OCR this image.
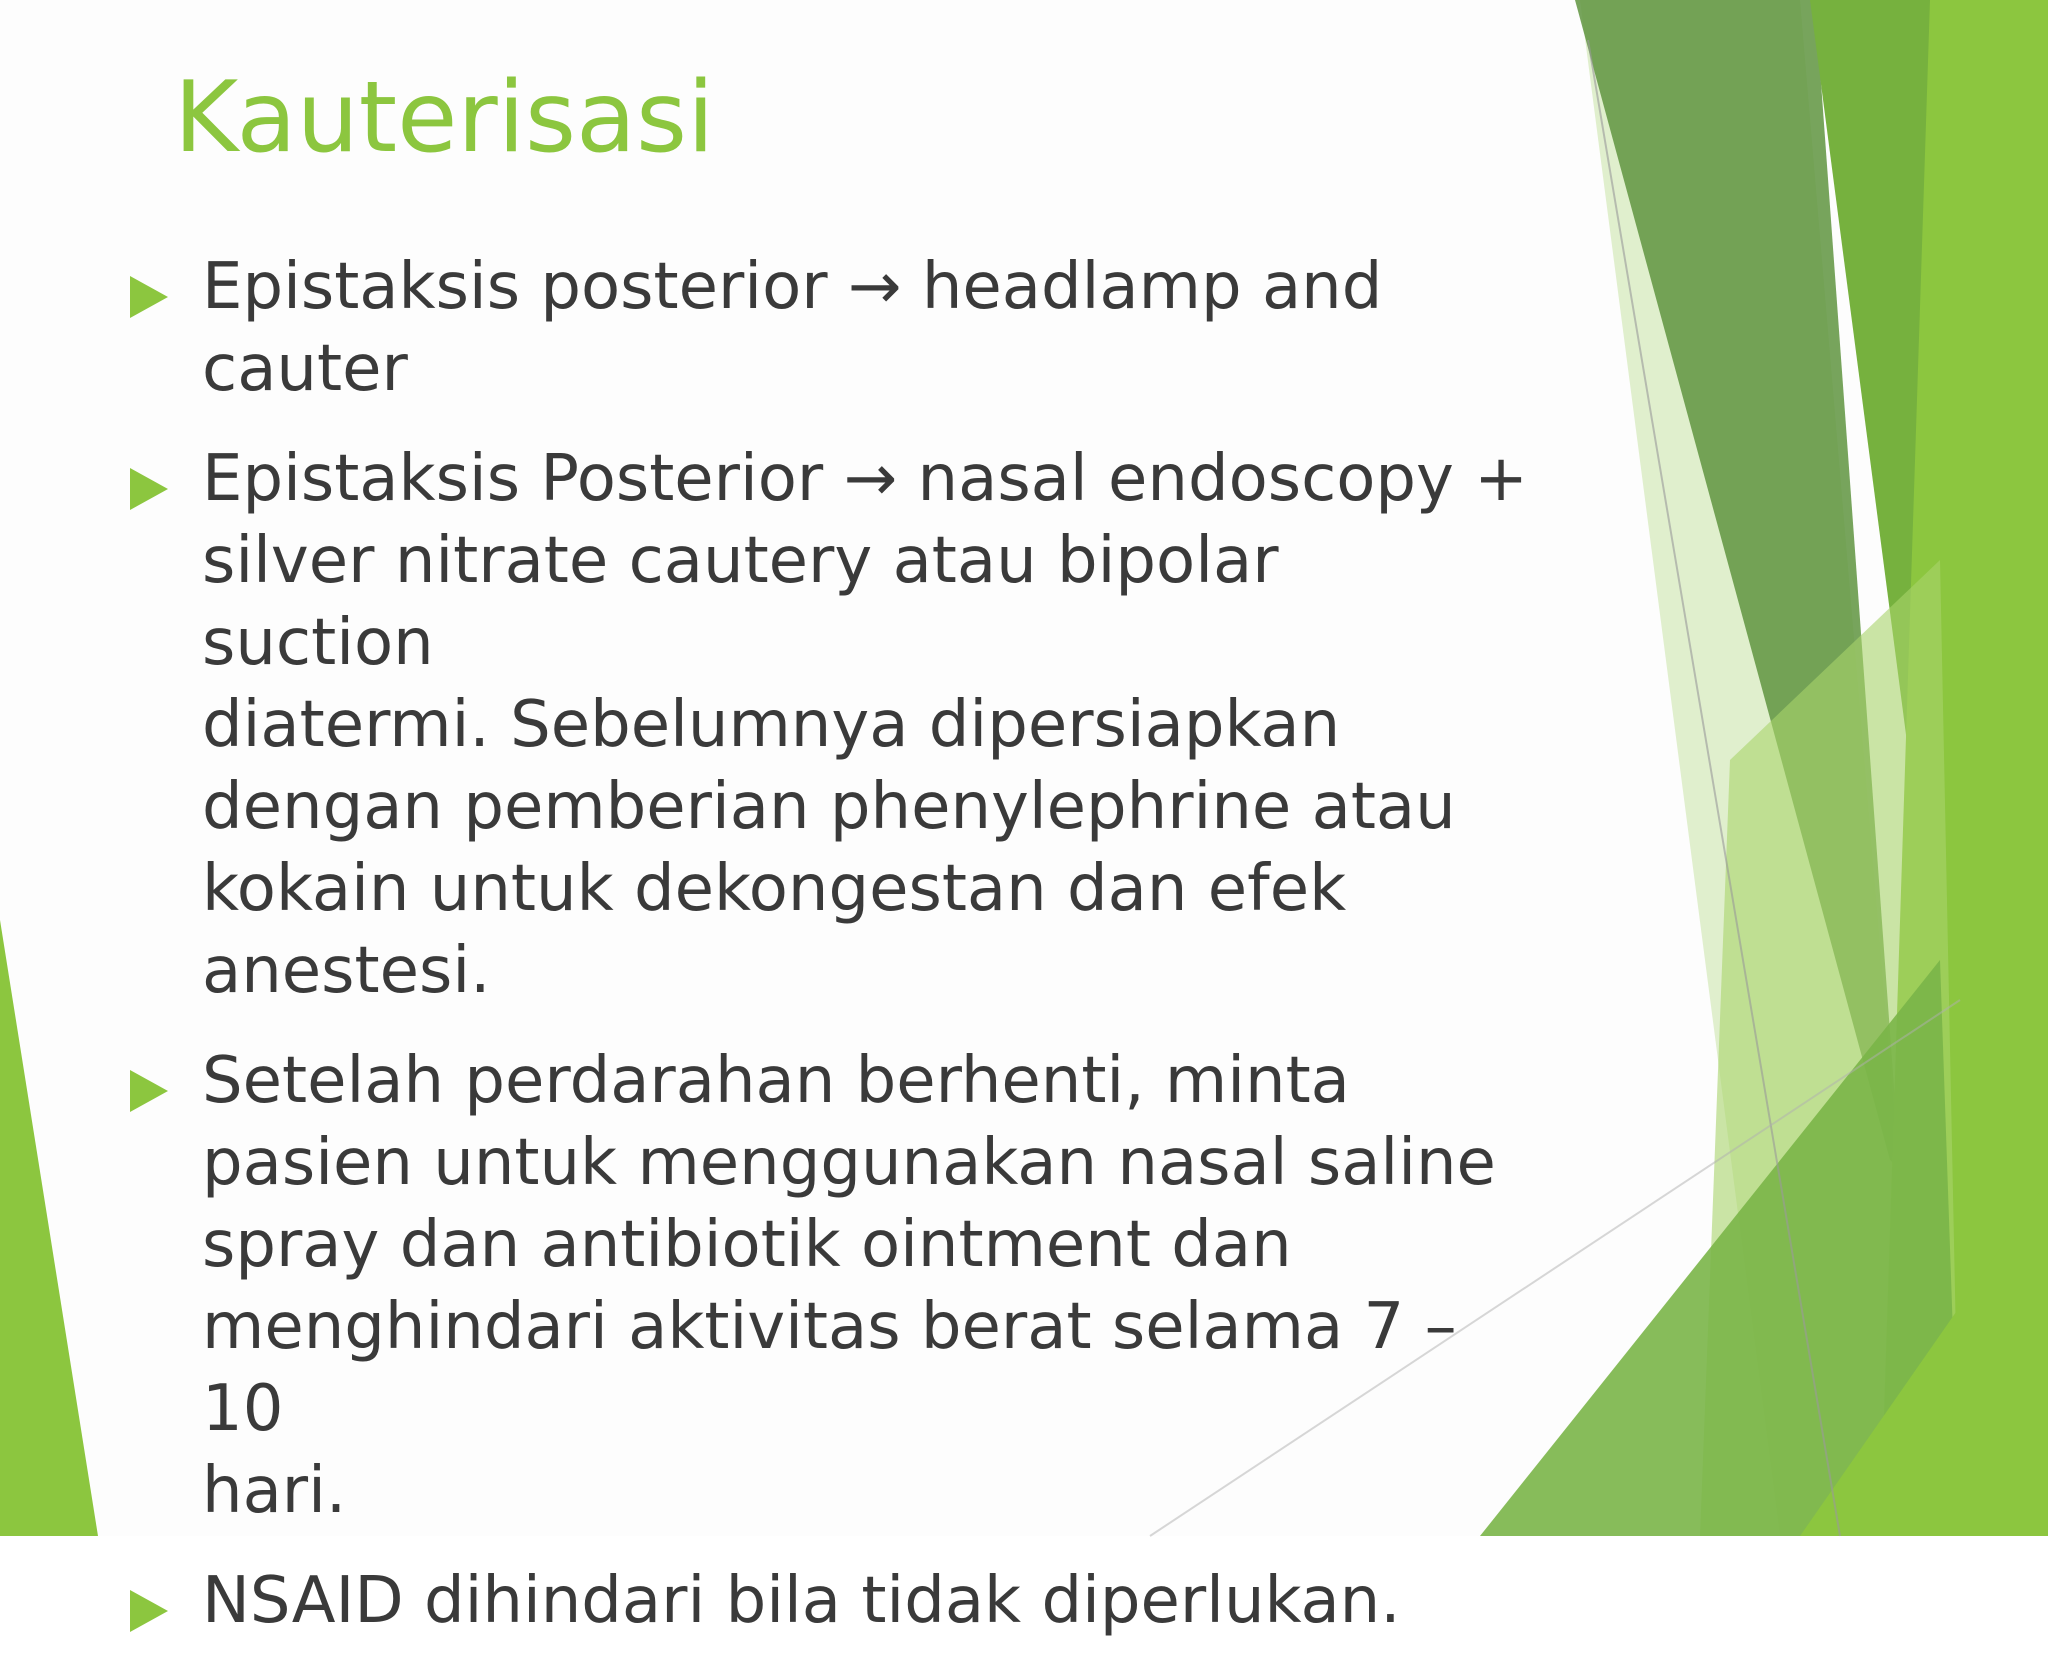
Kauterisasi
Epistaksis posterior → headlamp and
cauter
Epistaksis Posterior → nasal endoscopy +
silver nitrate cautery atau bipolar suction
diatermi. Sebelumnya dipersiapkan
dengan pemberian phenylephrine atau
kokain untuk dekongestan dan efek
anestesi.
Setelah perdarahan berhenti, minta
pasien untuk menggunakan nasal saline
spray dan antibiotik ointment dan
menghindari aktivitas berat selama 7 – 10
hari.
NSAID dihindari bila tidak diperlukan.
